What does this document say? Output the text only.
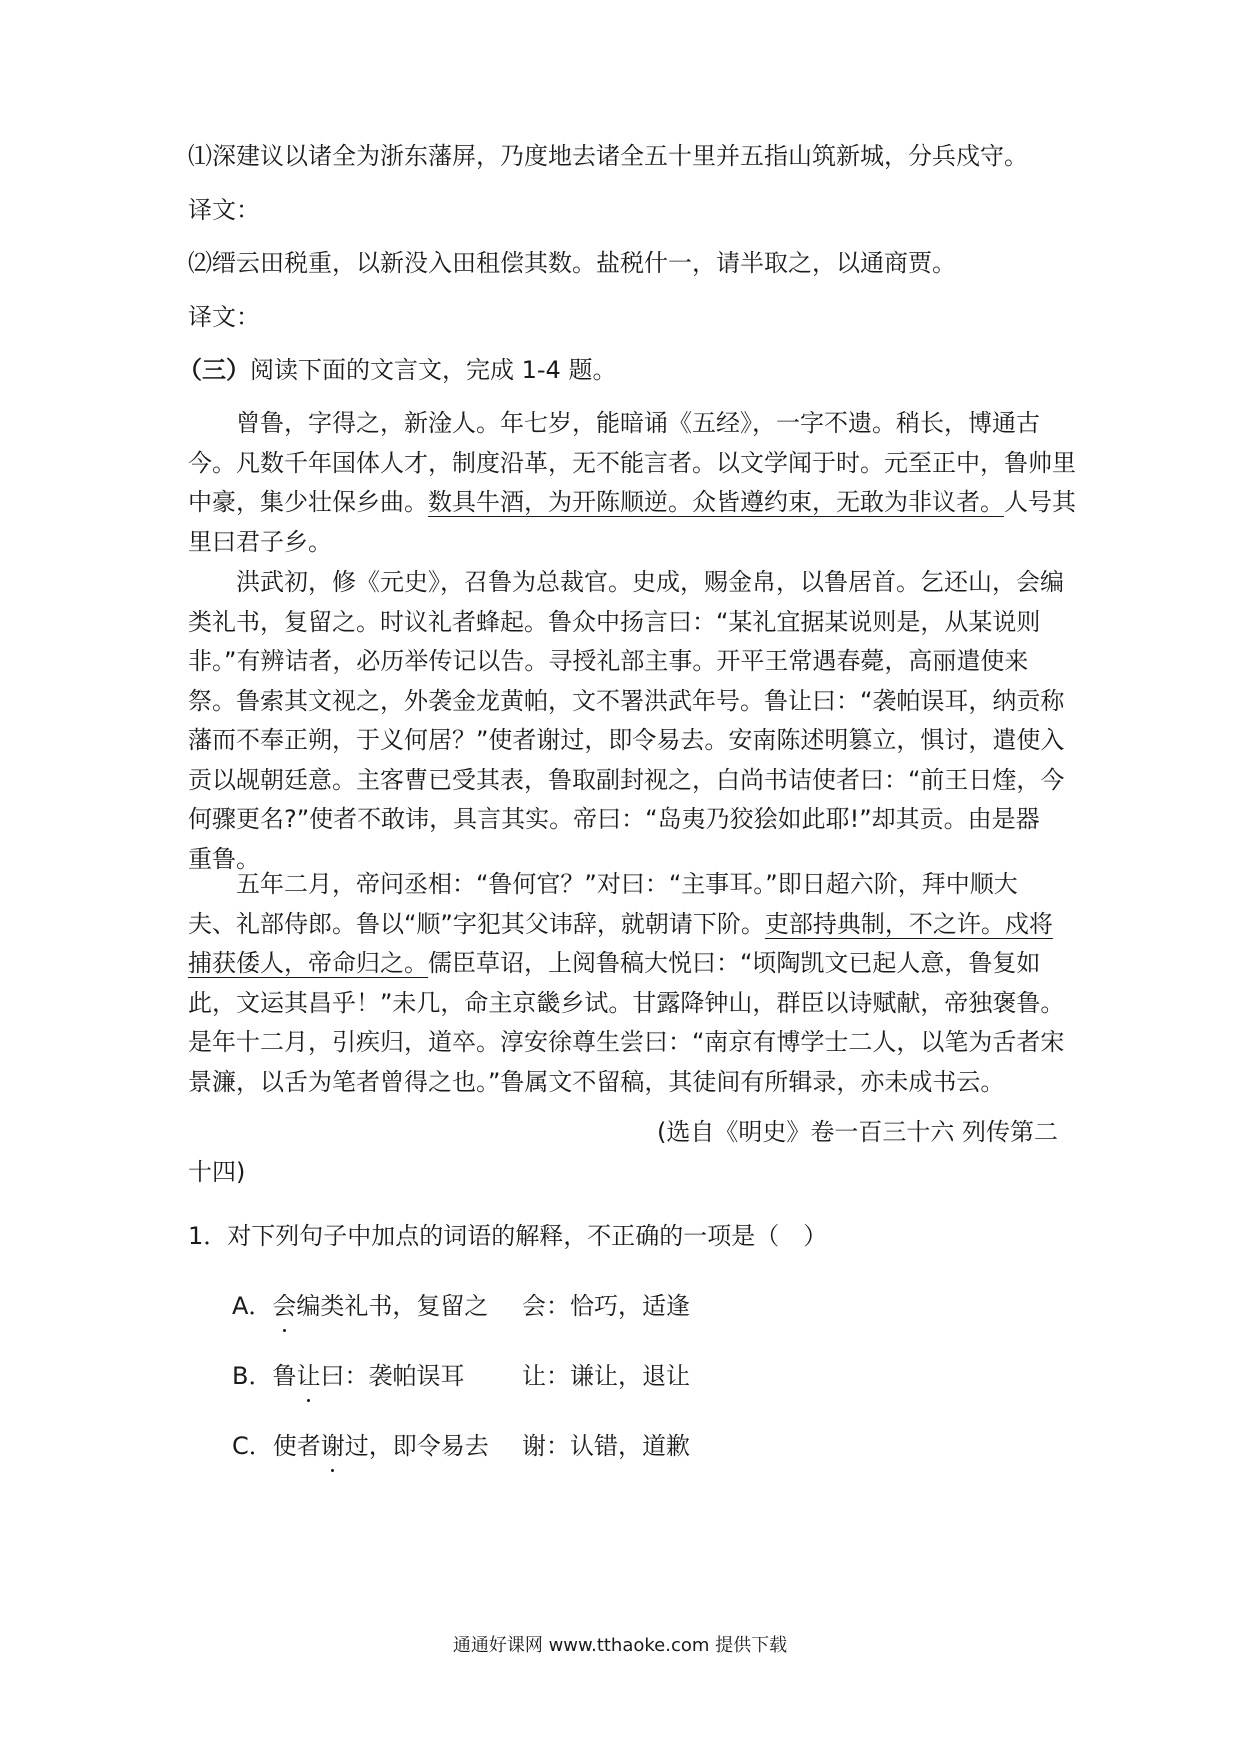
⑴深建议以诸全为浙东藩屏，乃度地去诸全五十里并五指山筑新城，分兵戍守。
译文：
⑵缙云田税重，以新没入田租偿其数。盐税什一，请半取之，以通商贾。
译文：
（三）阅读下面的文言文，完成 1-4 题。
曾鲁，字得之，新淦人。年七岁，能暗诵《五经》，一字不遗。稍长，博通古
今。凡数千年国体人才，制度沿革，无不能言者。以文学闻于时。元至正中，鲁帅里
中豪，集少壮保乡曲。数具牛酒，为开陈顺逆。众皆遵约束，无敢为非议者。人号其
里曰君子乡。
洪武初，修《元史》，召鲁为总裁官。史成，赐金帛，以鲁居首。乞还山，会编
类礼书，复留之。时议礼者蜂起。鲁众中扬言曰：“某礼宜据某说则是，从某说则
非。”有辨诘者，必历举传记以告。寻授礼部主事。开平王常遇春薨，高丽遣使来
祭。鲁索其文视之，外袭金龙黄帕，文不署洪武年号。鲁让曰：“袭帕误耳，纳贡称
藩而不奉正朔，于义何居？”使者谢过，即令易去。安南陈述明篡立，惧讨，遣使入
贡以觇朝廷意。主客曹已受其表，鲁取副封视之，白尚书诘使者曰：“前王日煃，今
何骤更名?”使者不敢讳，具言其实。帝曰：“岛夷乃狡狯如此耶!”却其贡。由是器
重鲁。
五年二月，帝问丞相：“鲁何官？”对曰：“主事耳。”即日超六阶，拜中顺大
夫、礼部侍郎。鲁以“顺”字犯其父讳辞，就朝请下阶。吏部持典制，不之许。戍将
捕获倭人，帝命归之。儒臣草诏，上阅鲁稿大悦曰：“顷陶凯文已起人意，鲁复如
此，文运其昌乎！”未几，命主京畿乡试。甘露降钟山，群臣以诗赋献，帝独褒鲁。
是年十二月，引疾归，道卒。淳安徐尊生尝曰：“南京有博学士二人，以笔为舌者宋
景濂，以舌为笔者曾得之也。”鲁属文不留稿，其徒间有所辑录，亦未成书云。
(选自《明史》卷一百三十六 列传第二
十四)
1．对下列句子中加点的词语的解释，不正确的一项是（　）
A．会编类礼书，复留之 会：恰巧，适逢
B．鲁让曰：袭帕误耳 让：谦让，退让
C．使者谢过，即令易去 谢：认错，道歉
通通好课网 www.tthaoke.com 提供下载
